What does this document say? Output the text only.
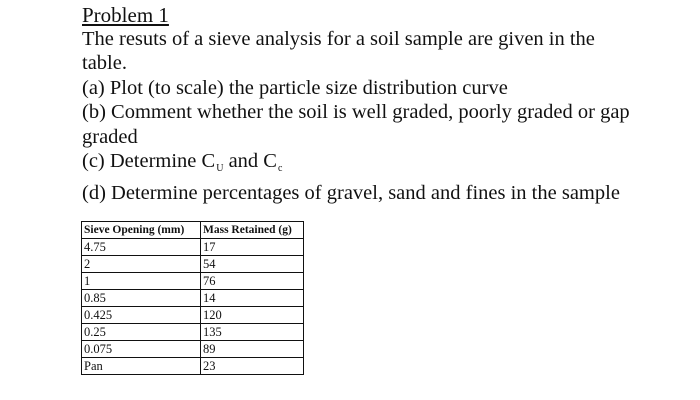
Problem 1
The resuts of a sieve analysis for a soil sample are given in the table.
(a) Plot (to scale) the particle size distribution curve
(b) Comment whether the soil is well graded, poorly graded or gap graded
(c) Determine $C_U$ and $C_c$
(d) Determine percentages of gravel, sand and fines in the sample
Sieve Opening (mm)	Mass Retained (g)
4.75	17
2	54
1	76
0.85	14
0.425	120
0.25	135
0.075	89
Pan	23
